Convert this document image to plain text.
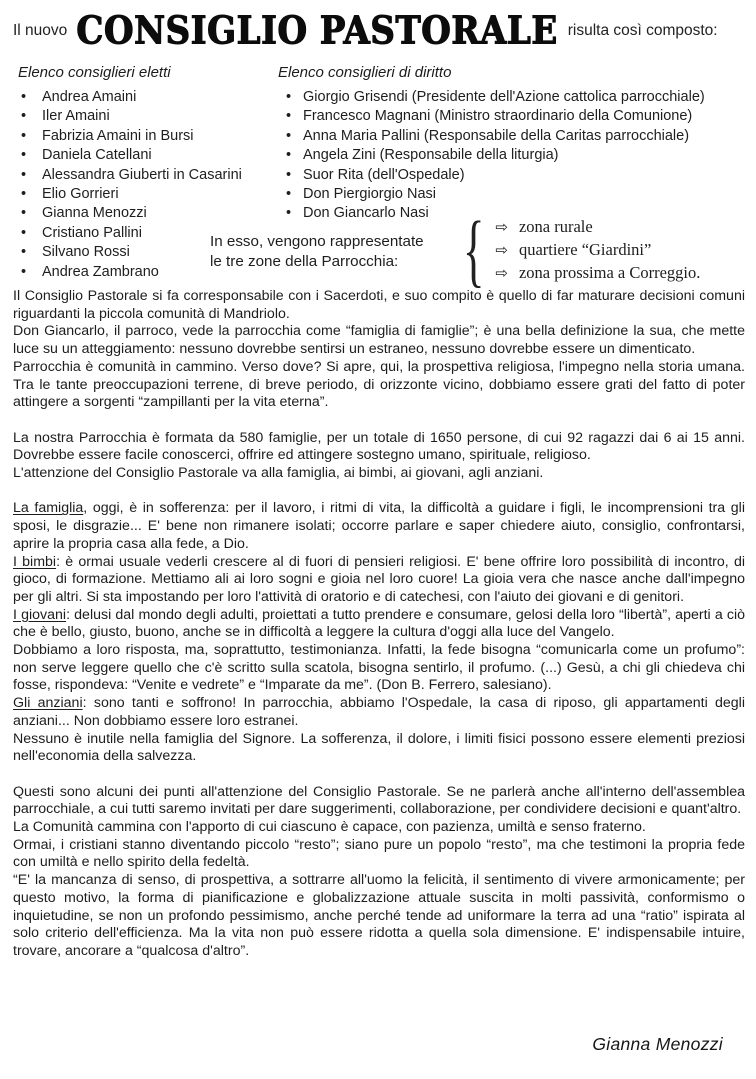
Il nuovo CONSIGLIO PASTORALE risulta così composto:
Elenco consiglieri eletti
• Andrea Amaini
• Iler Amaini
• Fabrizia Amaini in Bursi
• Daniela Catellani
• Alessandra Giuberti in Casarini
• Elio Gorrieri
• Gianna Menozzi
• Cristiano Pallini
• Silvano Rossi
• Andrea Zambrano
Elenco consiglieri di diritto
• Giorgio Grisendi (Presidente dell'Azione cattolica parrocchiale)
• Francesco Magnani (Ministro straordinario della Comunione)
• Anna Maria Pallini (Responsabile della Caritas parrocchiale)
• Angela Zini (Responsabile della liturgia)
• Suor Rita (dell'Ospedale)
• Don Piergiorgio Nasi
• Don Giancarlo Nasi
In esso, vengono rappresentate
le tre zone della Parrocchia: { ⇨ zona rurale
⇨ quartiere “Giardini”
⇨ zona prossima a Correggio.

Il Consiglio Pastorale si fa corresponsabile con i Sacerdoti, e suo compito è quello di far maturare decisioni comuni riguardanti la piccola comunità di Mandriolo.

Don Giancarlo, il parroco, vede la parrocchia come “famiglia di famiglie”; è una bella definizione la sua, che mette luce su un atteggiamento: nessuno dovrebbe sentirsi un estraneo, nessuno dovrebbe essere un dimenticato.

Parrocchia è comunità in cammino. Verso dove? Si apre, qui, la prospettiva religiosa, l'impegno nella storia umana. Tra le tante preoccupazioni terrene, di breve periodo, di orizzonte vicino, dobbiamo essere grati del fatto di poter attingere a sorgenti “zampillanti per la vita eterna”.

La nostra Parrocchia è formata da 580 famiglie, per un totale di 1650 persone, di cui 92 ragazzi dai 6 ai 15 anni. Dovrebbe essere facile conoscerci, offrire ed attingere sostegno umano, spirituale, religioso.

L'attenzione del Consiglio Pastorale va alla famiglia, ai bimbi, ai giovani, agli anziani.

La famiglia, oggi, è in sofferenza: per il lavoro, i ritmi di vita, la difficoltà a guidare i figli, le incomprensioni tra gli sposi, le disgrazie... E' bene non rimanere isolati; occorre parlare e saper chiedere aiuto, consiglio, confrontarsi, aprire la propria casa alla fede, a Dio.

I bimbi: è ormai usuale vederli crescere al di fuori di pensieri religiosi. E' bene offrire loro possibilità di incontro, di gioco, di formazione. Mettiamo ali ai loro sogni e gioia nel loro cuore! La gioia vera che nasce anche dall'impegno per gli altri. Si sta impostando per loro l'attività di oratorio e di catechesi, con l'aiuto dei giovani e di genitori.

I giovani: delusi dal mondo degli adulti, proiettati a tutto prendere e consumare, gelosi della loro “libertà”, aperti a ciò che è bello, giusto, buono, anche se in difficoltà a leggere la cultura d'oggi alla luce del Vangelo.

Dobbiamo a loro risposta, ma, soprattutto, testimonianza. Infatti, la fede bisogna “comunicarla come un profumo”: non serve leggere quello che c'è scritto sulla scatola, bisogna sentirlo, il profumo. (...) Gesù, a chi gli chiedeva chi fosse, rispondeva: “Venite e vedrete” e “Imparate da me”. (Don B. Ferrero, salesiano).

Gli anziani: sono tanti e soffrono! In parrocchia, abbiamo l'Ospedale, la casa di riposo, gli appartamenti degli anziani... Non dobbiamo essere loro estranei.

Nessuno è inutile nella famiglia del Signore. La sofferenza, il dolore, i limiti fisici possono essere elementi preziosi nell'economia della salvezza.

Questi sono alcuni dei punti all'attenzione del Consiglio Pastorale. Se ne parlerà anche all'interno dell'assemblea parrocchiale, a cui tutti saremo invitati per dare suggerimenti, collaborazione, per condividere decisioni e quant'altro.

La Comunità cammina con l'apporto di cui ciascuno è capace, con pazienza, umiltà e senso fraterno.

Ormai, i cristiani stanno diventando piccolo “resto”; siano pure un popolo “resto”, ma che testimoni la propria fede con umiltà e nello spirito della fedeltà.

“E' la mancanza di senso, di prospettiva, a sottrarre all'uomo la felicità, il sentimento di vivere armonicamente; per questo motivo, la forma di pianificazione e globalizzazione attuale suscita in molti passività, conformismo o inquietudine, se non un profondo pessimismo, anche perché tende ad uniformare la terra ad una “ratio” ispirata al solo criterio dell'efficienza. Ma la vita non può essere ridotta a quella sola dimensione. E' indispensabile intuire, trovare, ancorare a “qualcosa d'altro”.

Gianna Menozzi
